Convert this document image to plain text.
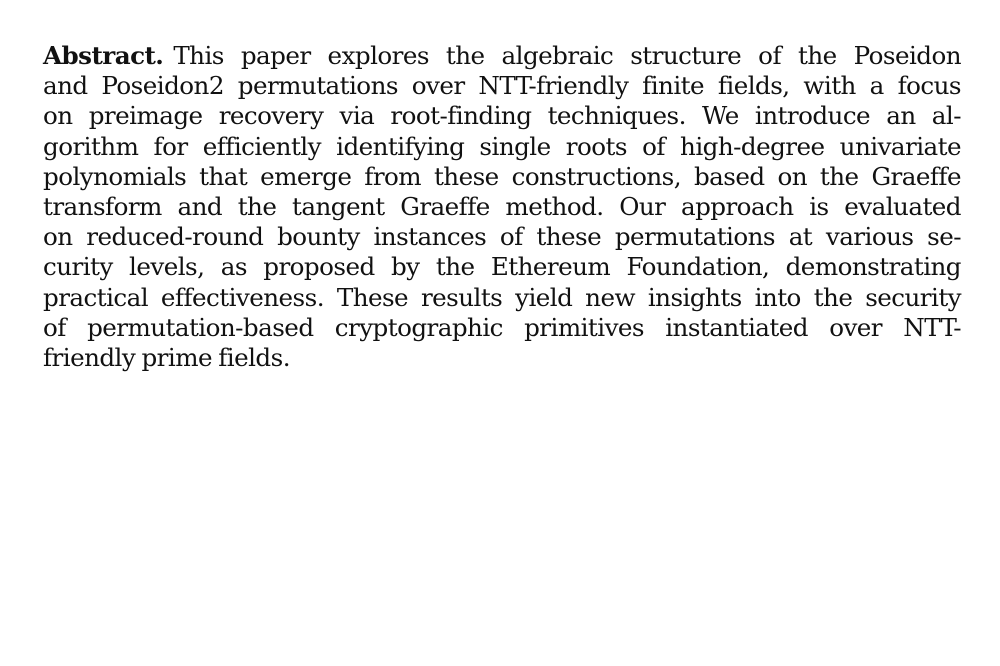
Abstract. This paper explores the algebraic structure of the Poseidon
and Poseidon2 permutations over NTT-friendly finite fields, with a focus
on preimage recovery via root-finding techniques. We introduce an al-
gorithm for efficiently identifying single roots of high-degree univariate
polynomials that emerge from these constructions, based on the Graeffe
transform and the tangent Graeffe method. Our approach is evaluated
on reduced-round bounty instances of these permutations at various se-
curity levels, as proposed by the Ethereum Foundation, demonstrating
practical effectiveness. These results yield new insights into the security
of permutation-based cryptographic primitives instantiated over NTT-
friendly prime fields.
